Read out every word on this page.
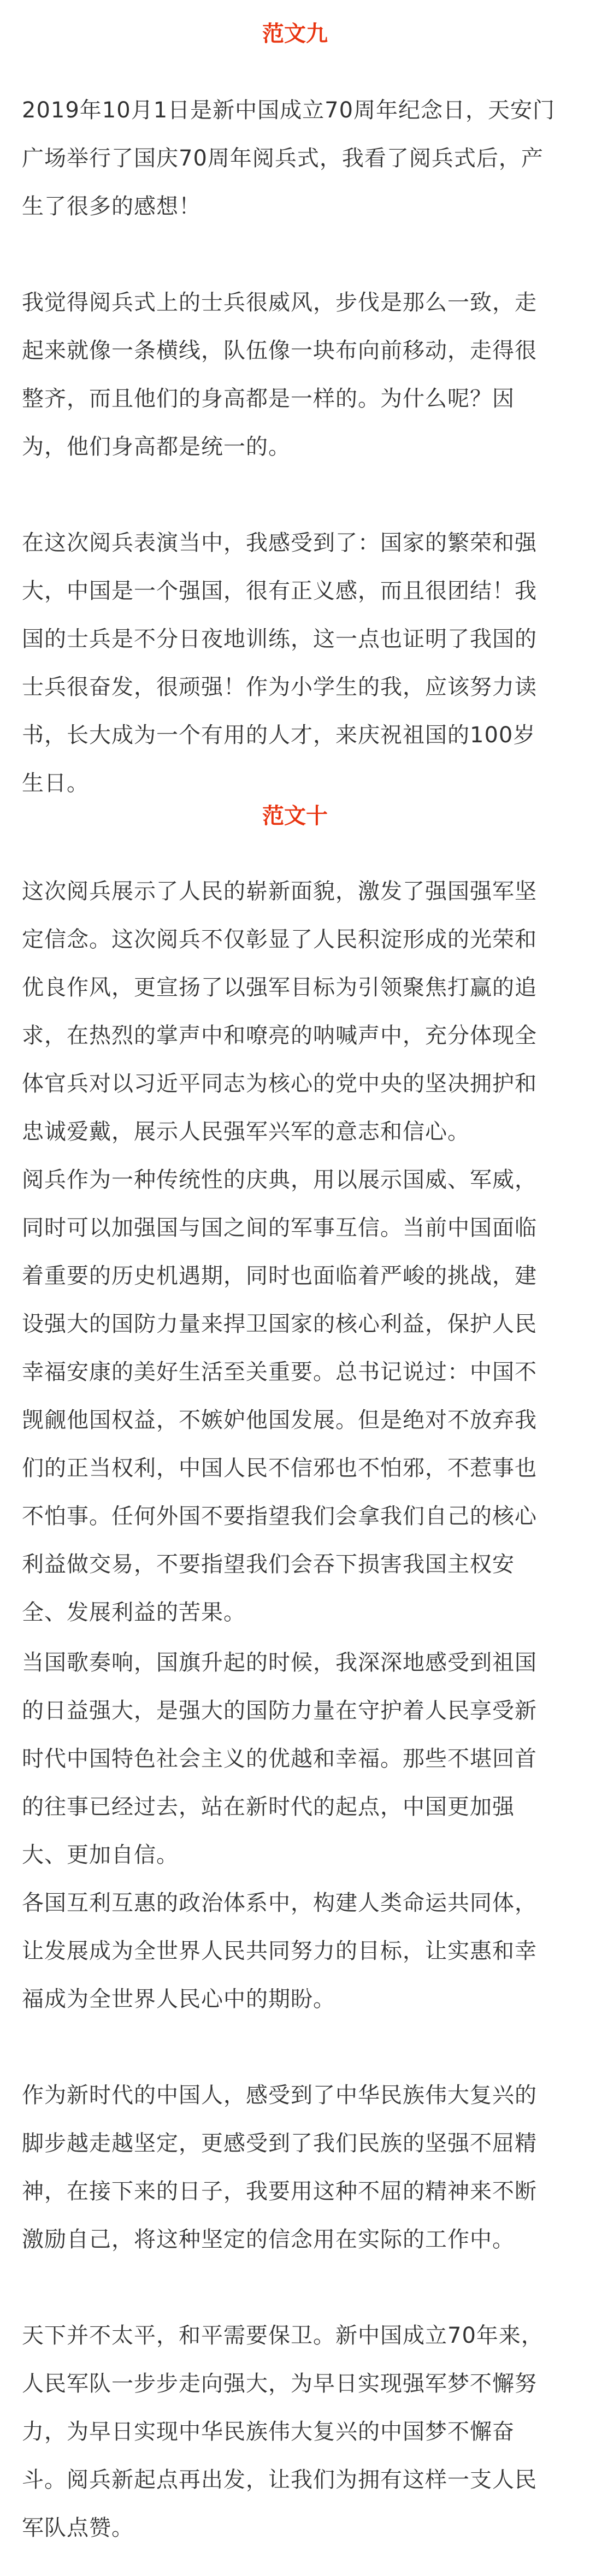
范文九
2019年10月1日是新中国成立70周年纪念日，天安门
广场举行了国庆70周年阅兵式，我看了阅兵式后，产
生了很多的感想！
我觉得阅兵式上的士兵很威风，步伐是那么一致，走
起来就像一条横线，队伍像一块布向前移动，走得很
整齐，而且他们的身高都是一样的。为什么呢？因
为，他们身高都是统一的。
在这次阅兵表演当中，我感受到了：国家的繁荣和强
大，中国是一个强国，很有正义感，而且很团结！我
国的士兵是不分日夜地训练，这一点也证明了我国的
士兵很奋发，很顽强！作为小学生的我，应该努力读
书，长大成为一个有用的人才，来庆祝祖国的100岁
生日。
范文十
这次阅兵展示了人民的崭新面貌，激发了强国强军坚
定信念。这次阅兵不仅彰显了人民积淀形成的光荣和
优良作风，更宣扬了以强军目标为引领聚焦打赢的追
求，在热烈的掌声中和嘹亮的呐喊声中，充分体现全
体官兵对以习近平同志为核心的党中央的坚决拥护和
忠诚爱戴，展示人民强军兴军的意志和信心。
阅兵作为一种传统性的庆典，用以展示国威、军威，
同时可以加强国与国之间的军事互信。当前中国面临
着重要的历史机遇期，同时也面临着严峻的挑战，建
设强大的国防力量来捍卫国家的核心利益，保护人民
幸福安康的美好生活至关重要。总书记说过：中国不
觊觎他国权益，不嫉妒他国发展。但是绝对不放弃我
们的正当权利，中国人民不信邪也不怕邪，不惹事也
不怕事。任何外国不要指望我们会拿我们自己的核心
利益做交易，不要指望我们会吞下损害我国主权安
全、发展利益的苦果。
当国歌奏响，国旗升起的时候，我深深地感受到祖国
的日益强大，是强大的国防力量在守护着人民享受新
时代中国特色社会主义的优越和幸福。那些不堪回首
的往事已经过去，站在新时代的起点，中国更加强
大、更加自信。
各国互利互惠的政治体系中，构建人类命运共同体，
让发展成为全世界人民共同努力的目标，让实惠和幸
福成为全世界人民心中的期盼。
作为新时代的中国人，感受到了中华民族伟大复兴的
脚步越走越坚定，更感受到了我们民族的坚强不屈精
神，在接下来的日子，我要用这种不屈的精神来不断
激励自己，将这种坚定的信念用在实际的工作中。
天下并不太平，和平需要保卫。新中国成立70年来，
人民军队一步步走向强大，为早日实现强军梦不懈努
力，为早日实现中华民族伟大复兴的中国梦不懈奋
斗。阅兵新起点再出发，让我们为拥有这样一支人民
军队点赞。
